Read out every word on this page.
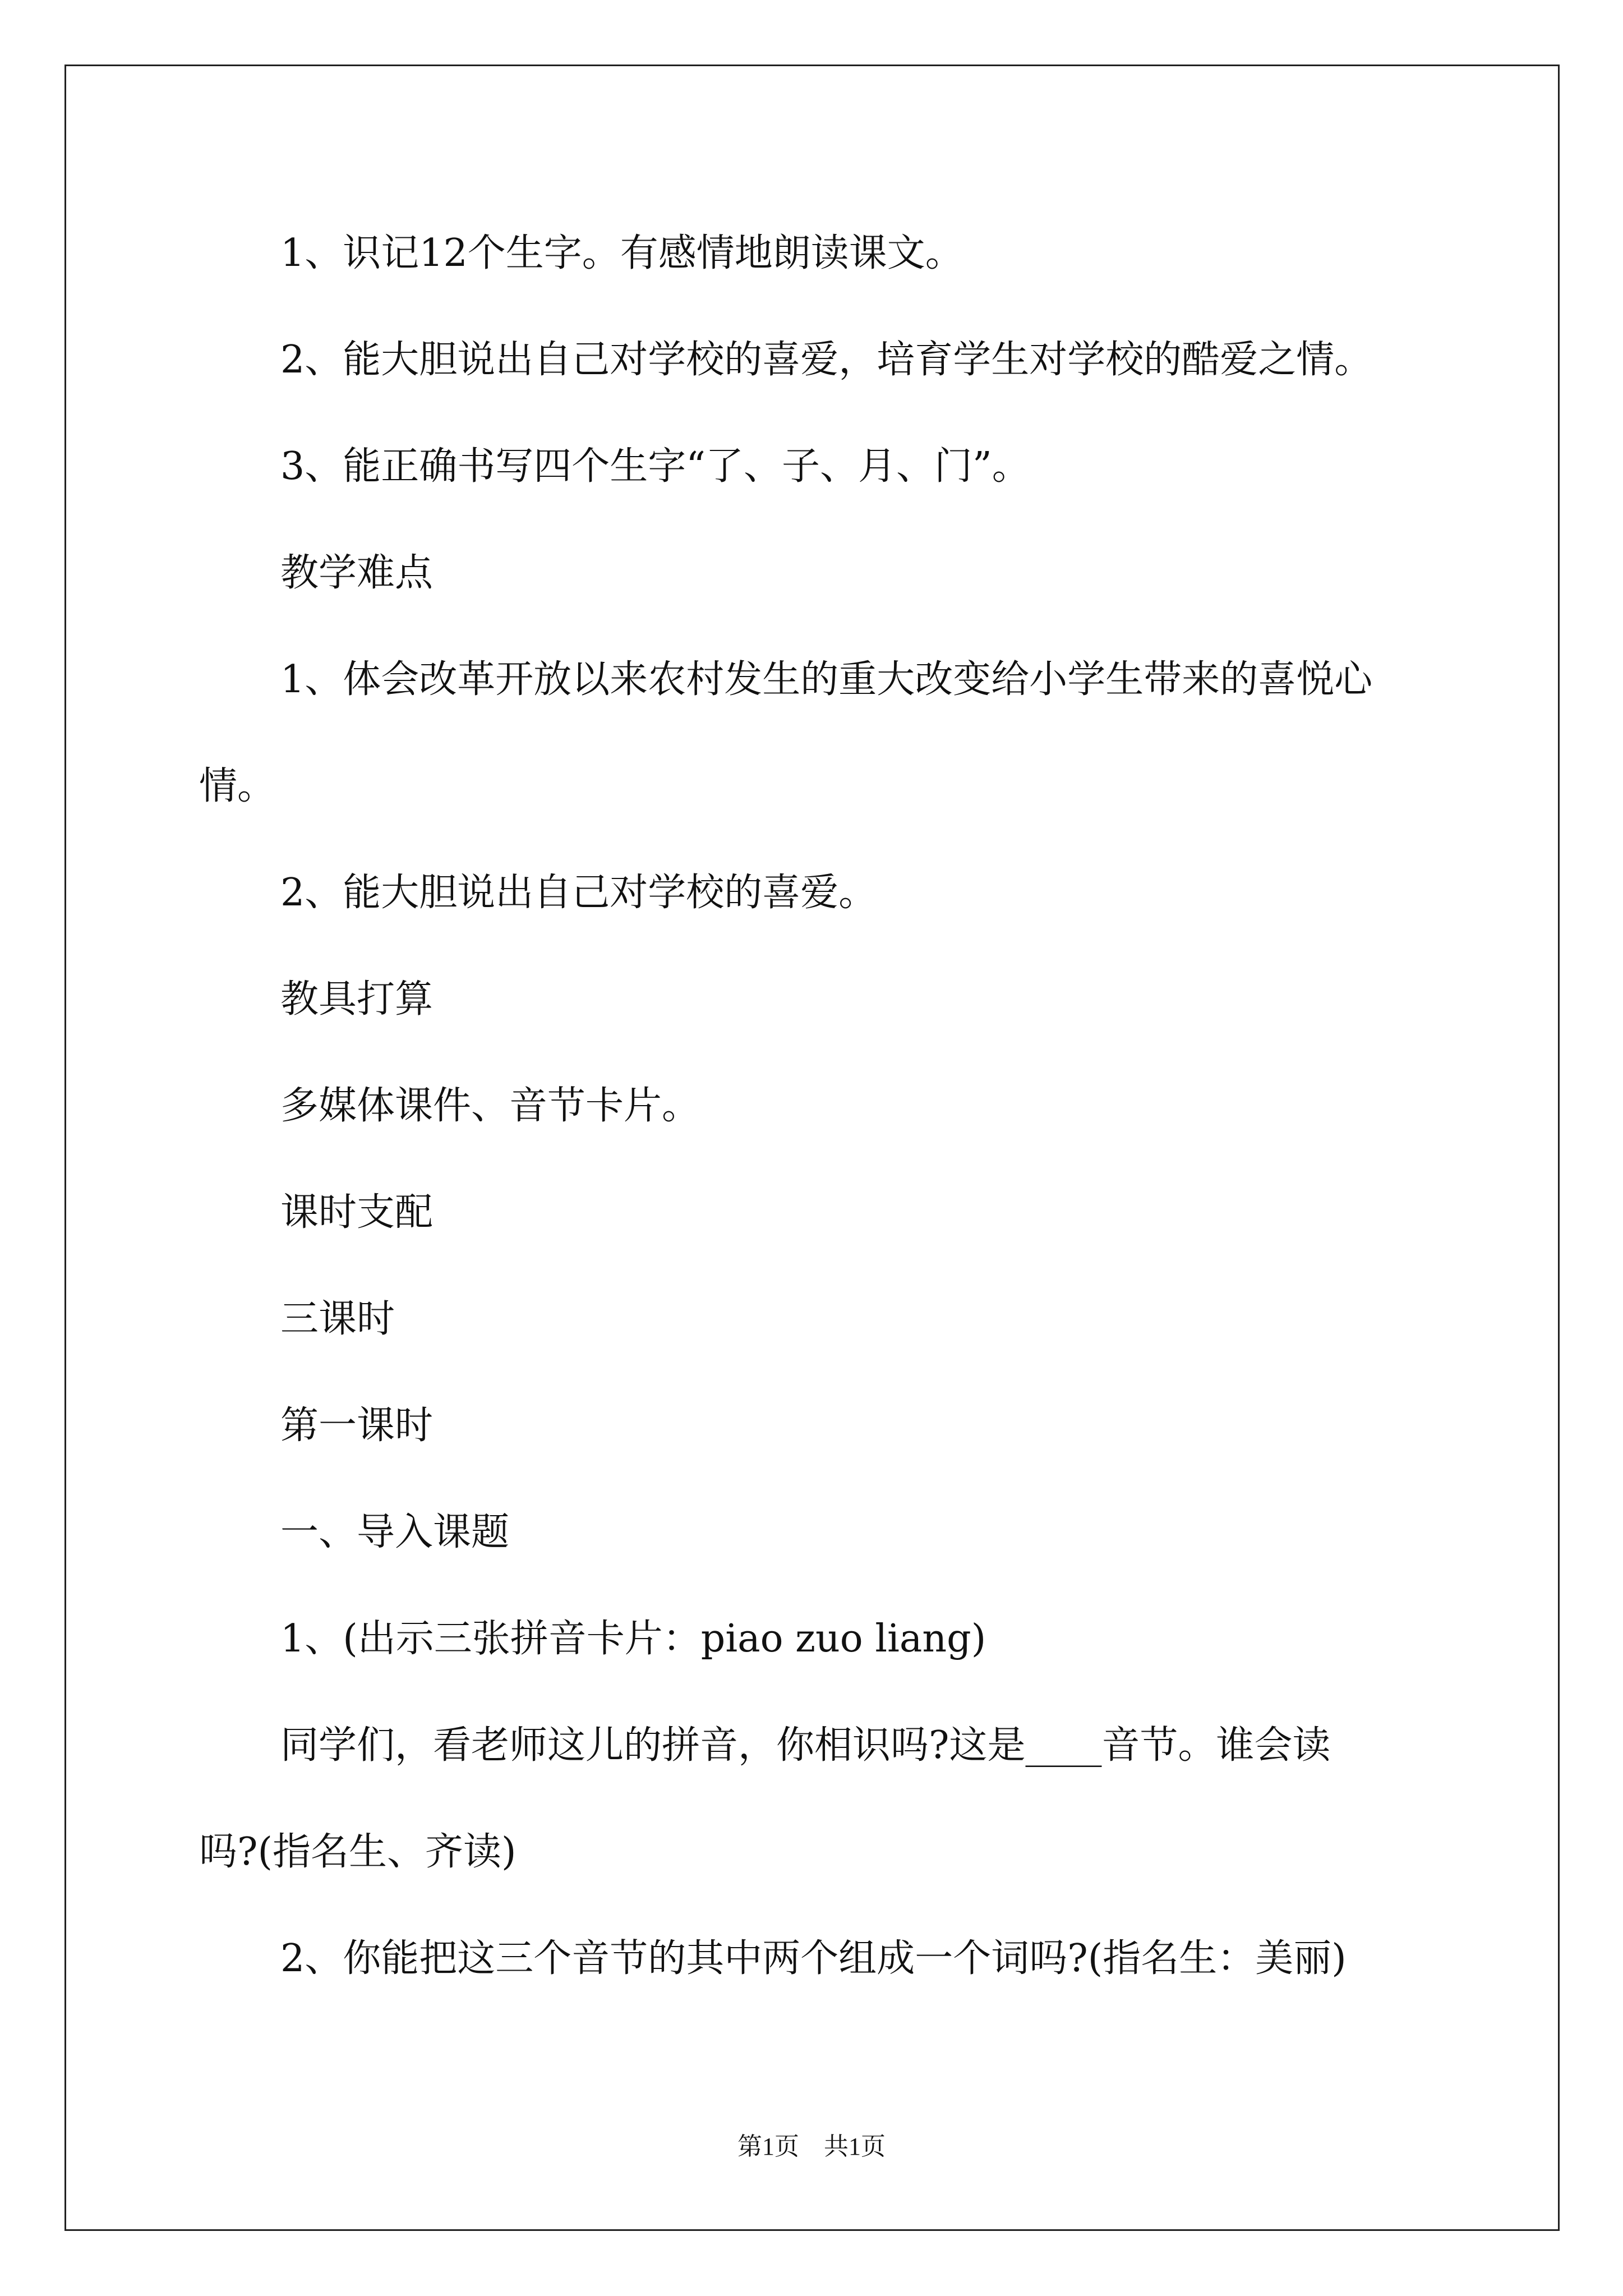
1、识记12个生字。有感情地朗读课文。
2、能大胆说出自己对学校的喜爱，培育学生对学校的酷爱之情。
3、能正确书写四个生字“了、子、月、门”。
教学难点
1、体会改革开放以来农村发生的重大改变给小学生带来的喜悦心
情。
2、能大胆说出自己对学校的喜爱。
教具打算
多媒体课件、音节卡片。
课时支配
三课时
第一课时
一、导入课题
1、(出示三张拼音卡片：piao zuo liang)
同学们，看老师这儿的拼音，你相识吗?这是____音节。谁会读
吗?(指名生、齐读)
2、你能把这三个音节的其中两个组成一个词吗?(指名生：美丽)
第1页　共1页
